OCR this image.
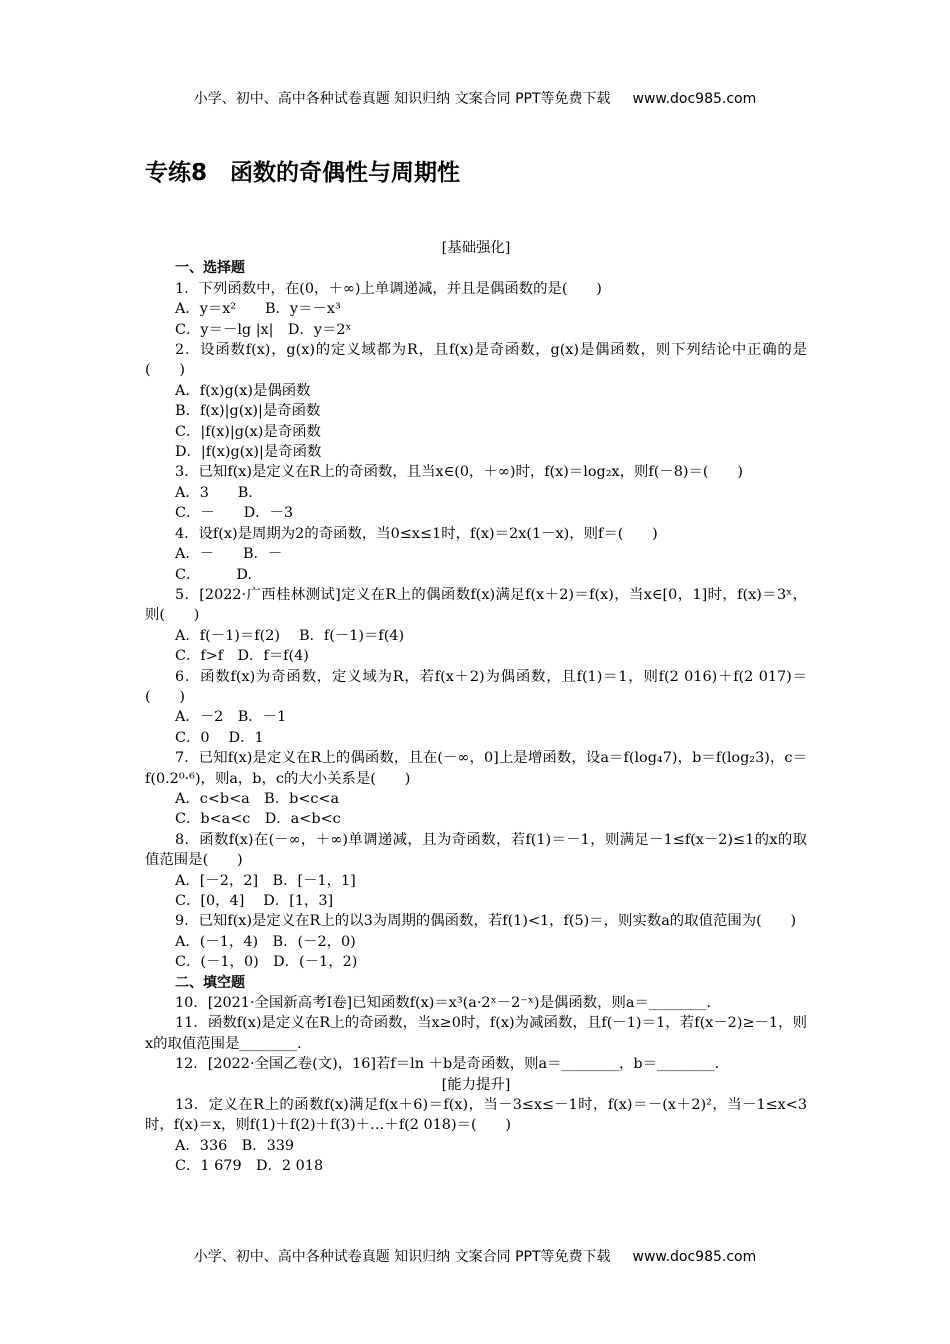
小学、初中、高中各种试卷真题 知识归纳 文案合同 PPT等免费下载 www.doc985.com
专练8　函数的奇偶性与周期性
[基础强化]
一、选择题
1．下列函数中，在(0，＋∞)上单调递减，并且是偶函数的是(　　)
A．y＝x²　　B．y＝－x³
C．y＝－lg |x|　D．y＝2ˣ
2．设函数f(x)，g(x)的定义域都为R，且f(x)是奇函数，g(x)是偶函数，则下列结论中正确的是(　　)
A．f(x)g(x)是偶函数
B．f(x)|g(x)|是奇函数
C．|f(x)|g(x)是奇函数
D．|f(x)g(x)|是奇函数
3．已知f(x)是定义在R上的奇函数，且当x∈(0，＋∞)时，f(x)＝log₂x，则f(－8)＝(　　)
A．3　　B.
C．－　　D．－3
4．设f(x)是周期为2的奇函数，当0≤x≤1时，f(x)＝2x(1－x)，则f＝(　　)
A．－　　B．－
C．　　　D.
5．[2022·广西桂林测试]定义在R上的偶函数f(x)满足f(x＋2)＝f(x)，当x∈[0，1]时，f(x)＝3ˣ，则(　　)
A．f(－1)＝f(2)　 B．f(－1)＝f(4)
C．f>f　D．f＝f(4)
6．函数f(x)为奇函数，定义域为R，若f(x＋2)为偶函数，且f(1)＝1，则f(2 016)＋f(2 017)＝(　　)
A．－2　B．－1
C．0　 D．1
7．已知f(x)是定义在R上的偶函数，且在(－∞，0]上是增函数，设a＝f(log₄7)，b＝f(log₂3)，c＝f(0.2⁰·⁶)，则a，b，c的大小关系是(　　)
A．c<b<a　B．b<c<a
C．b<a<c　D．a<b<c
8．函数f(x)在(－∞，＋∞)单调递减，且为奇函数，若f(1)＝－1，则满足－1≤f(x－2)≤1的x的取值范围是(　　)
A．[－2，2]　B．[－1，1]
C．[0，4]　 D．[1，3]
9．已知f(x)是定义在R上的以3为周期的偶函数，若f(1)<1，f(5)＝，则实数a的取值范围为(　　)
A．(－1，4)　B．(－2，0)
C．(－1，0)　D．(－1，2)
二、填空题
10．[2021·全国新高考Ⅰ卷]已知函数f(x)＝x³(a·2ˣ－2⁻ˣ)是偶函数，则a＝________.
11．函数f(x)是定义在R上的奇函数，当x≥0时，f(x)为减函数，且f(－1)＝1，若f(x－2)≥－1，则x的取值范围是________.
12．[2022·全国乙卷(文)，16]若f＝ln ＋b是奇函数，则a＝________，b＝________.
[能力提升]
13．定义在R上的函数f(x)满足f(x＋6)＝f(x)，当－3≤x≤－1时，f(x)＝－(x＋2)²，当－1≤x<3时，f(x)＝x，则f(1)＋f(2)＋f(3)＋…＋f(2 018)＝(　　)
A．336　B．339
C．1 679　D．2 018
小学、初中、高中各种试卷真题 知识归纳 文案合同 PPT等免费下载 www.doc985.com
